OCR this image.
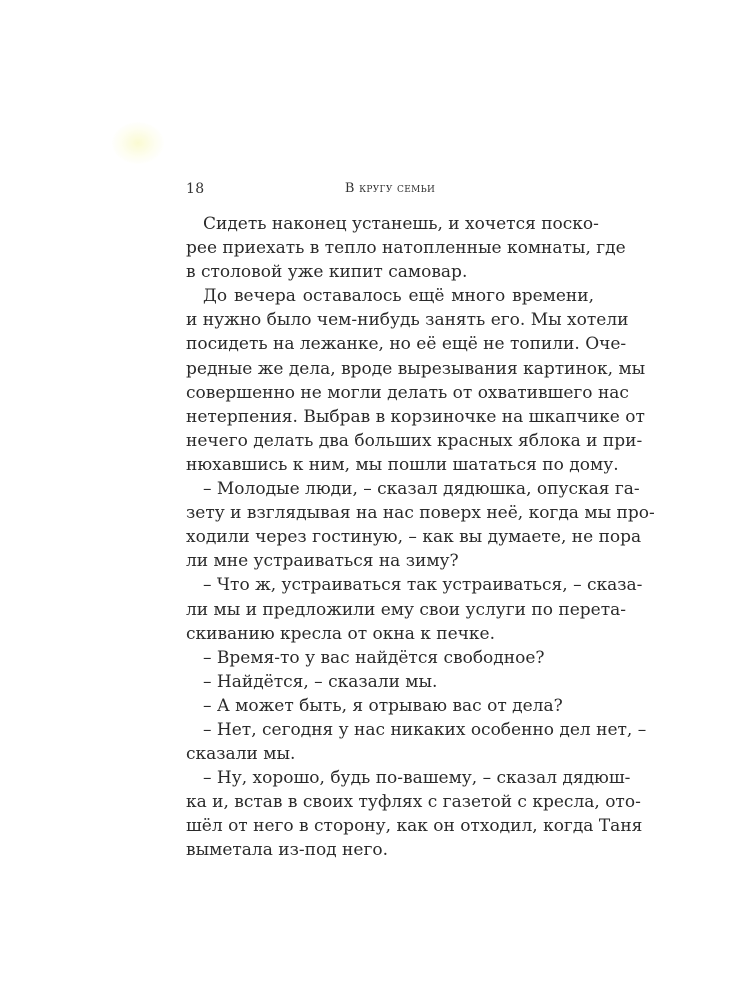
18	В кругу семьи
Сидеть наконец устанешь, и хочется поско-
рее приехать в тепло натопленные комнаты, где
в столовой уже кипит самовар.
До вечера оставалось ещё много времени,
и нужно было чем-нибудь занять его. Мы хотели
посидеть на лежанке, но её ещё не топили. Оче-
редные же дела, вроде вырезывания картинок, мы
совершенно не могли делать от охватившего нас
нетерпения. Выбрав в корзиночке на шкапчике от
нечего делать два больших красных яблока и при-
нюхавшись к ним, мы пошли шататься по дому.
– Молодые люди, – сказал дядюшка, опуская га-
зету и взглядывая на нас поверх неё, когда мы про-
ходили через гостиную, – как вы думаете, не пора
ли мне устраиваться на зиму?
– Что ж, устраиваться так устраиваться, – сказа-
ли мы и предложили ему свои услуги по перета-
скиванию кресла от окна к печке.
– Время-то у вас найдётся свободное?
– Найдётся, – сказали мы.
– А может быть, я отрываю вас от дела?
– Нет, сегодня у нас никаких особенно дел нет, –
сказали мы.
– Ну, хорошо, будь по-вашему, – сказал дядюш-
ка и, встав в своих туфлях с газетой с кресла, ото-
шёл от него в сторону, как он отходил, когда Таня
выметала из-под него.
